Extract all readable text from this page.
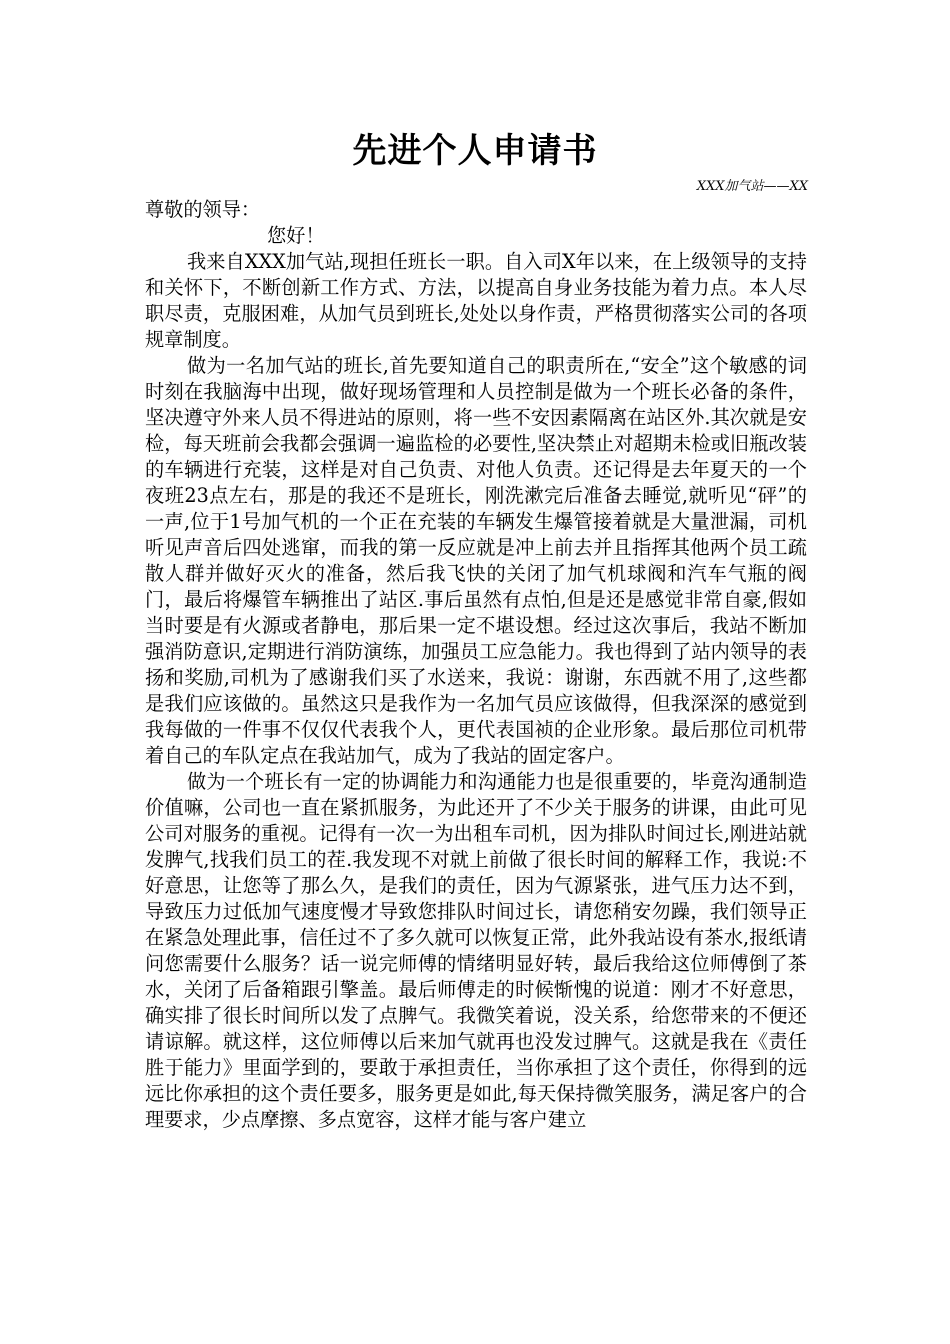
先进个人申请书
XXX加气站——XX

尊敬的领导：

您好！

我来自XXX加气站,现担任班长一职。自入司X年以来，在上级领导的支持和关怀下，不断创新工作方式、方法，以提高自身业务技能为着力点。本人尽职尽责，克服困难，从加气员到班长,处处以身作责，严格贯彻落实公司的各项规章制度。

做为一名加气站的班长,首先要知道自己的职责所在,“安全”这个敏感的词时刻在我脑海中出现，做好现场管理和人员控制是做为一个班长必备的条件，坚决遵守外来人员不得进站的原则，将一些不安因素隔离在站区外.其次就是安检，每天班前会我都会强调一遍监检的必要性,坚决禁止对超期未检或旧瓶改装的车辆进行充装，这样是对自己负责、对他人负责。还记得是去年夏天的一个夜班23点左右，那是的我还不是班长，刚洗漱完后准备去睡觉,就听见“砰”的一声,位于1号加气机的一个正在充装的车辆发生爆管接着就是大量泄漏，司机听见声音后四处逃窜，而我的第一反应就是冲上前去并且指挥其他两个员工疏散人群并做好灭火的准备，然后我飞快的关闭了加气机球阀和汽车气瓶的阀门，最后将爆管车辆推出了站区.事后虽然有点怕,但是还是感觉非常自豪,假如当时要是有火源或者静电，那后果一定不堪设想。经过这次事后，我站不断加强消防意识,定期进行消防演练，加强员工应急能力。我也得到了站内领导的表扬和奖励,司机为了感谢我们买了水送来，我说：谢谢，东西就不用了,这些都是我们应该做的。虽然这只是我作为一名加气员应该做得，但我深深的感觉到我每做的一件事不仅仅代表我个人，更代表国祯的企业形象。最后那位司机带着自己的车队定点在我站加气，成为了我站的固定客户。

做为一个班长有一定的协调能力和沟通能力也是很重要的，毕竟沟通制造价值嘛，公司也一直在紧抓服务，为此还开了不少关于服务的讲课，由此可见公司对服务的重视。记得有一次一为出租车司机，因为排队时间过长,刚进站就发脾气,找我们员工的茬.我发现不对就上前做了很长时间的解释工作，我说:不好意思，让您等了那么久，是我们的责任，因为气源紧张，进气压力达不到，导致压力过低加气速度慢才导致您排队时间过长，请您稍安勿躁，我们领导正在紧急处理此事，信任过不了多久就可以恢复正常，此外我站设有茶水,报纸请问您需要什么服务？话一说完师傅的情绪明显好转，最后我给这位师傅倒了茶水，关闭了后备箱跟引擎盖。最后师傅走的时候惭愧的说道：刚才不好意思，确实排了很长时间所以发了点脾气。我微笑着说，没关系，给您带来的不便还请谅解。就这样，这位师傅以后来加气就再也没发过脾气。这就是我在《责任胜于能力》里面学到的，要敢于承担责任，当你承担了这个责任，你得到的远远比你承担的这个责任要多，服务更是如此,每天保持微笑服务，满足客户的合理要求，少点摩擦、多点宽容，这样才能与客户建立
